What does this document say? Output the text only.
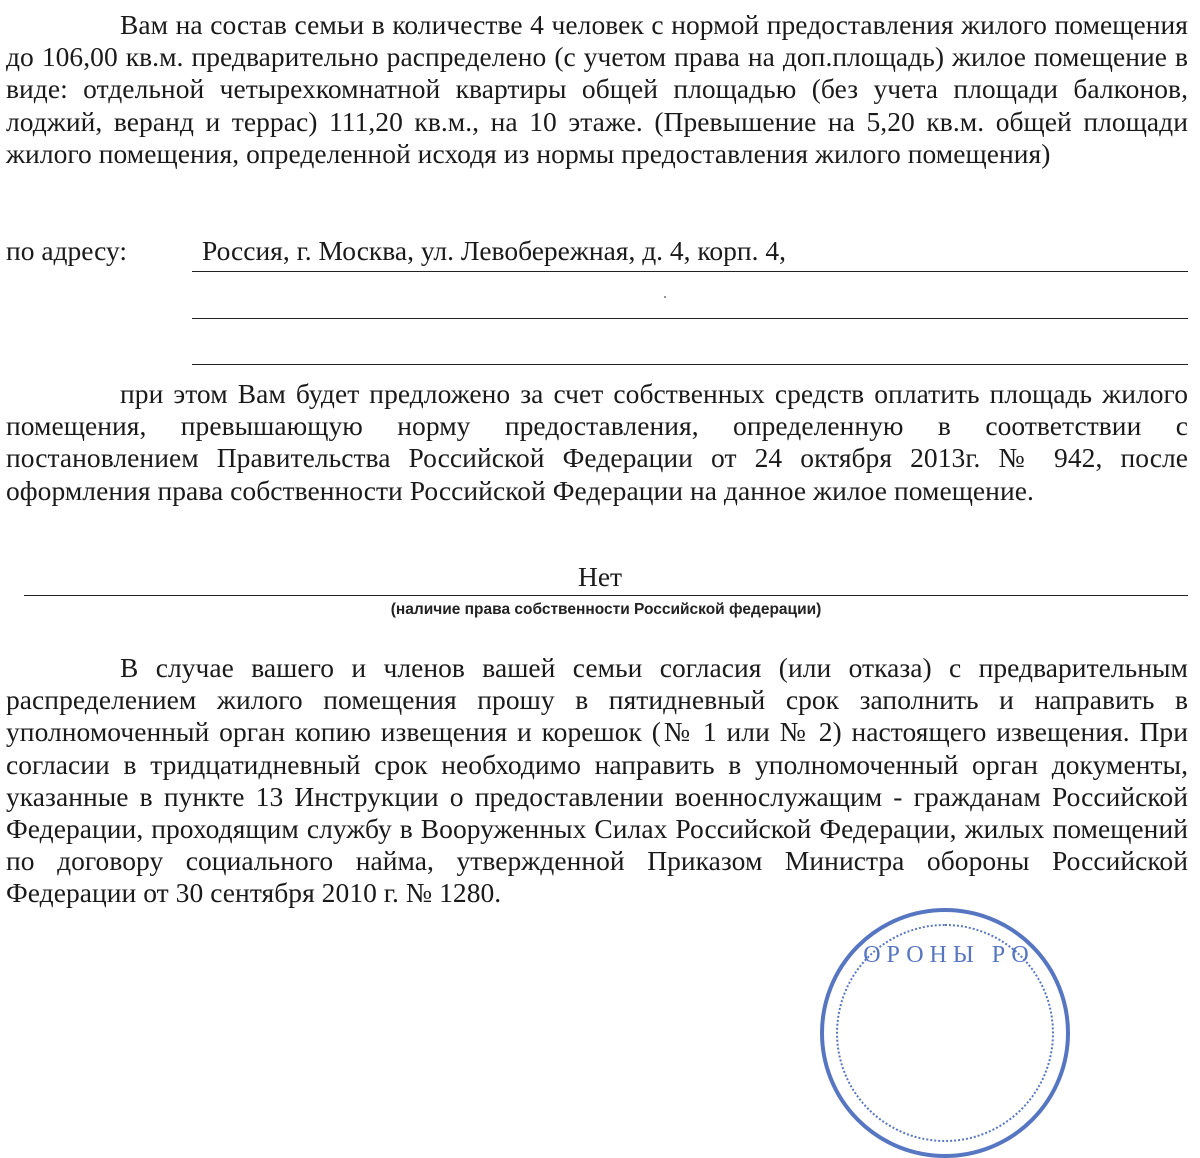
Вам на состав семьи в количестве 4 человек с нормой предоставления жилого помещения до 106,00 кв.м. предварительно распределено (с учетом права на доп.площадь) жилое помещение в виде: отдельной четырехкомнатной квартиры общей площадью (без учета площади балконов, лоджий, веранд и террас) 111,20 кв.м., на 10 этаже. (Превышение на 5,20 кв.м. общей площади жилого помещения, определенной исходя из нормы предоставления жилого помещения)

по адресу:	Россия, г. Москва, ул. Левобережная, д. 4, корп. 4,

при этом Вам будет предложено за счет собственных средств оплатить площадь жилого помещения, превышающую норму предоставления, определенную в соответствии с постановлением Правительства Российской Федерации от 24 октября 2013г. № 942, после оформления права собственности Российской Федерации на данное жилое помещение.

Нет

(наличие права собственности Российской федерации)

В случае вашего и членов вашей семьи согласия (или отказа) с предварительным распределением жилого помещения прошу в пятидневный срок заполнить и направить в уполномоченный орган копию извещения и корешок (№ 1 или № 2) настоящего извещения. При согласии в тридцатидневный срок необходимо направить в уполномоченный орган документы, указанные в пункте 13 Инструкции о предоставлении военнослужащим - гражданам Российской Федерации, проходящим службу в Вооруженных Силах Российской Федерации, жилых помещений по договору социального найма, утвержденной Приказом Министра обороны Российской Федерации от 30 сентября 2010 г. № 1280.

ОРОНЫ РО
